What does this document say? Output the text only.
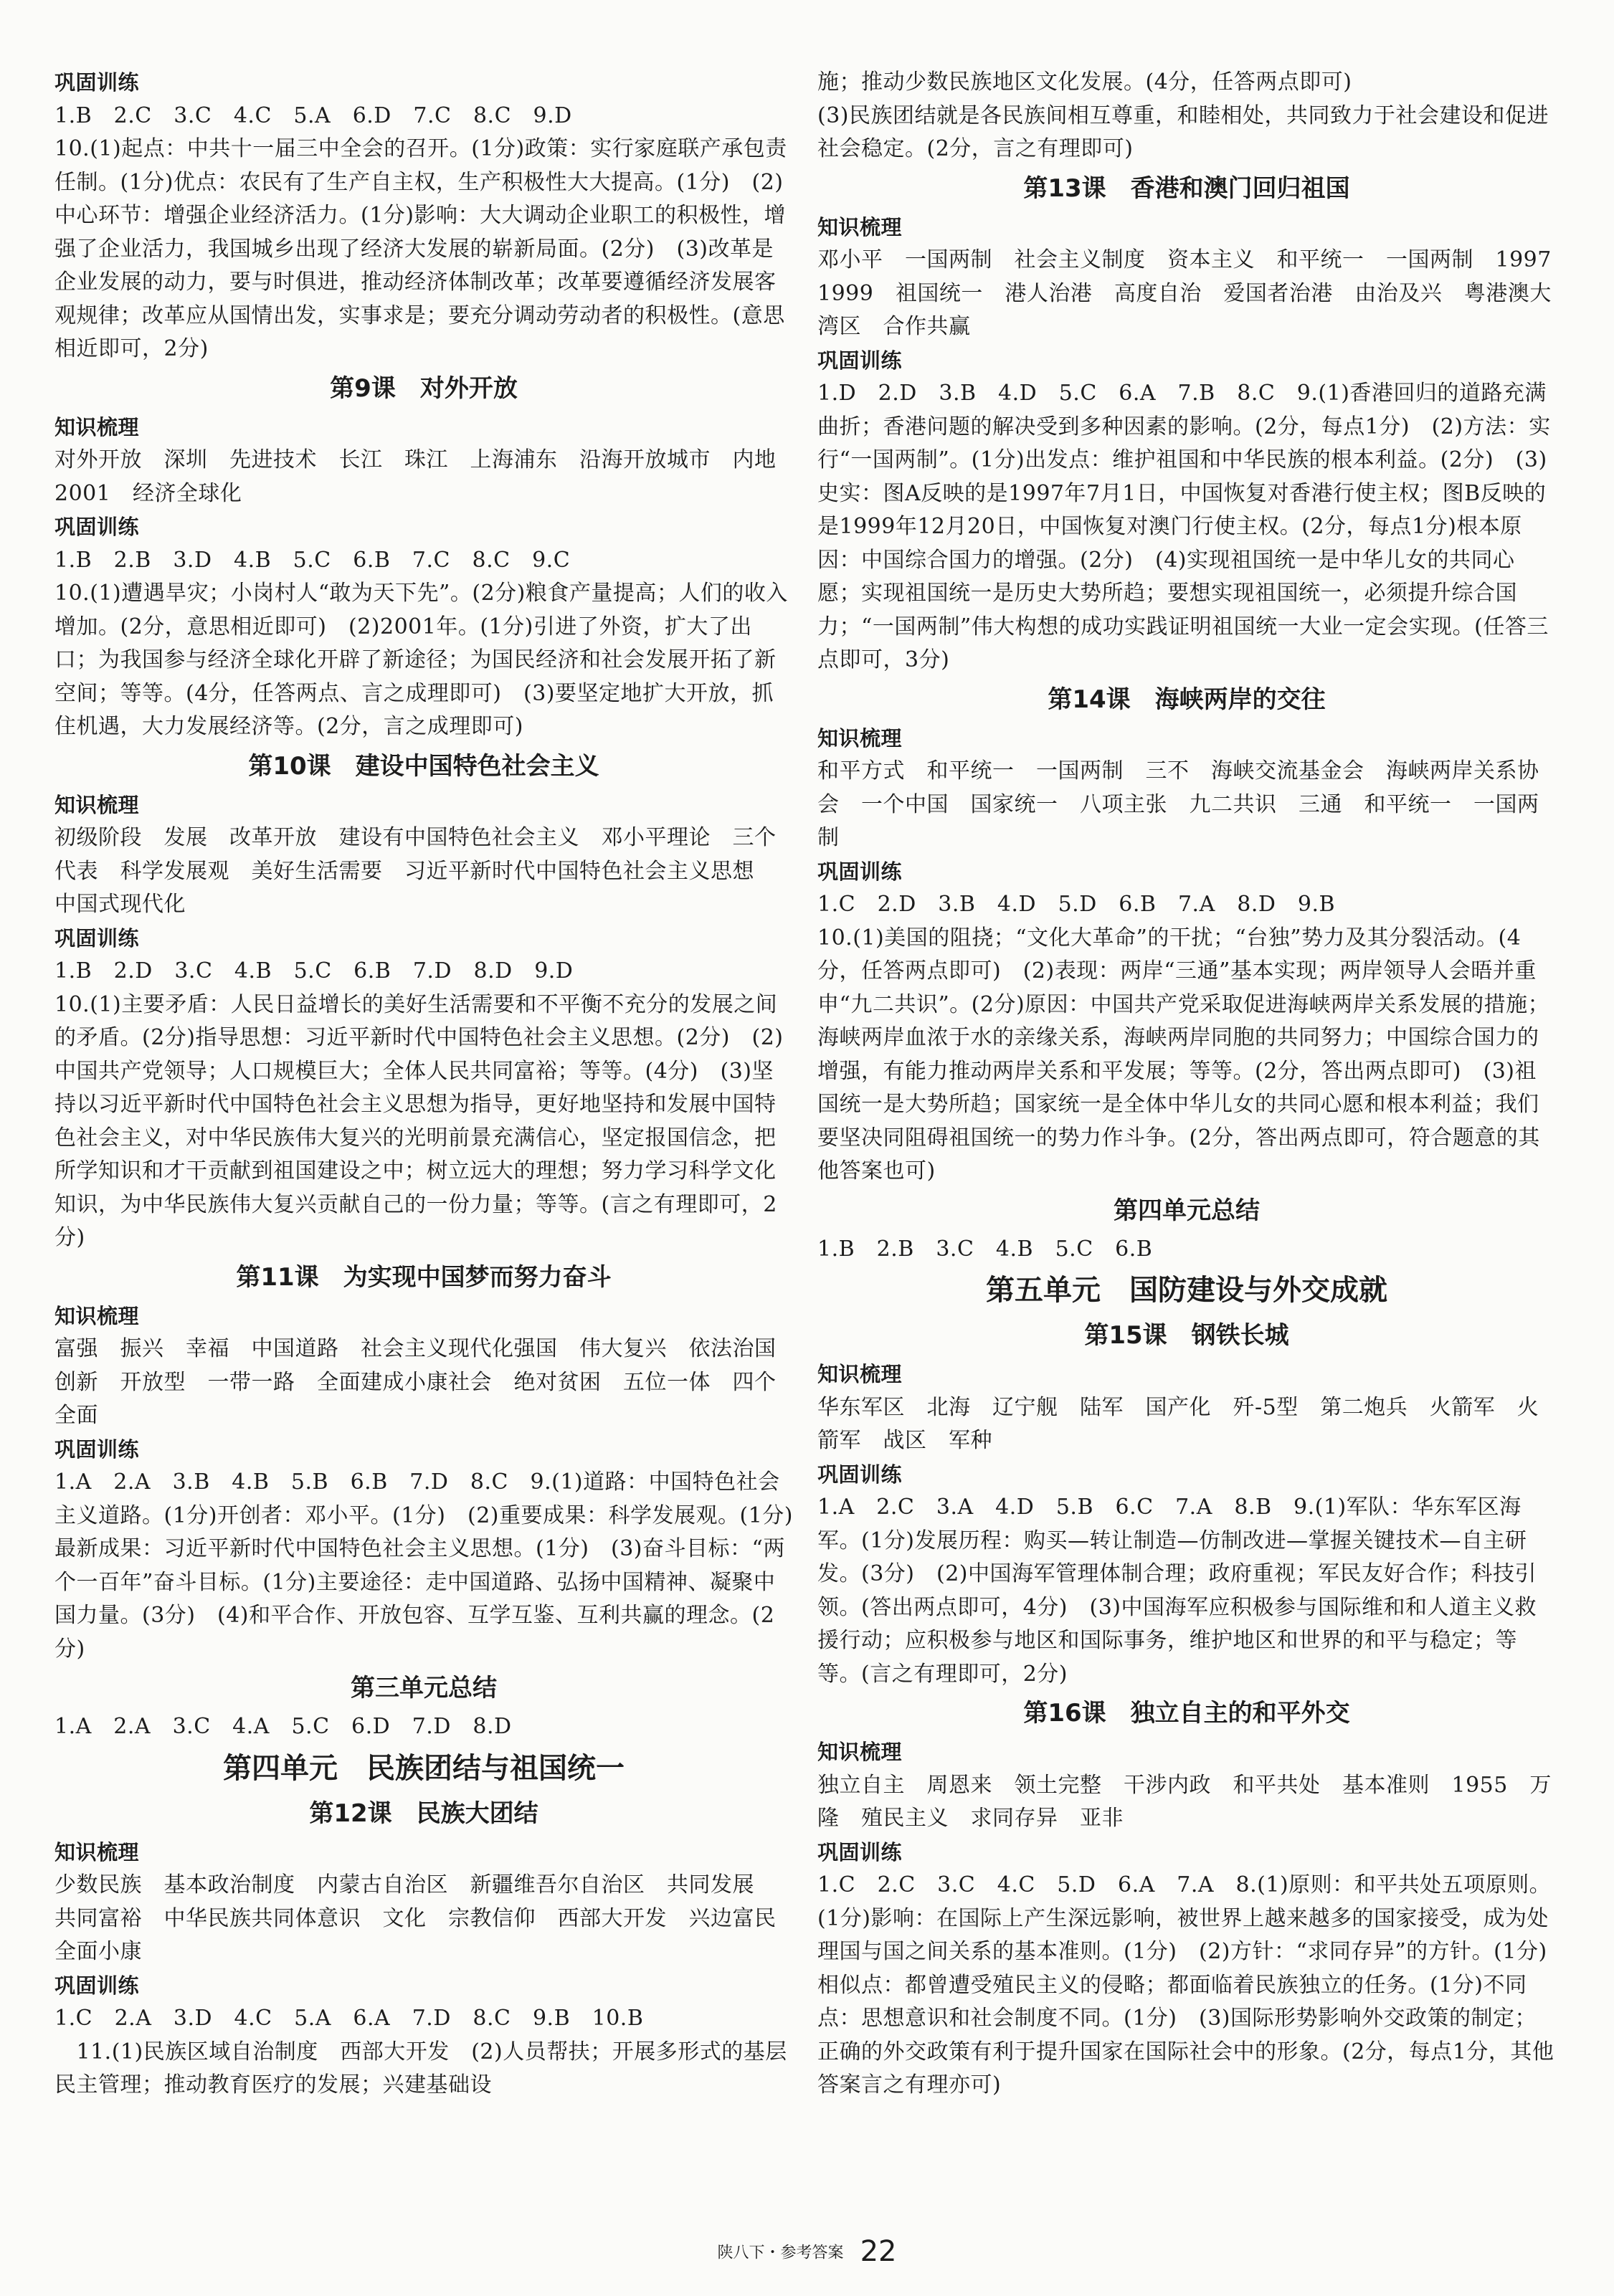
巩固训练

1.B　2.C　3.C　4.C　5.A　6.D　7.C　8.C　9.D

10.(1)起点：中共十一届三中全会的召开。(1分)政策：实行家庭联产承包责任制。(1分)优点：农民有了生产自主权，生产积极性大大提高。(1分)　(2)中心环节：增强企业经济活力。(1分)影响：大大调动企业职工的积极性，增强了企业活力，我国城乡出现了经济大发展的崭新局面。(2分)　(3)改革是企业发展的动力，要与时俱进，推动经济体制改革；改革要遵循经济发展客观规律；改革应从国情出发，实事求是；要充分调动劳动者的积极性。(意思相近即可，2分)

第9课　对外开放
知识梳理

对外开放　深圳　先进技术　长江　珠江　上海浦东　沿海开放城市　内地　2001　经济全球化

巩固训练

1.B　2.B　3.D　4.B　5.C　6.B　7.C　8.C　9.C

10.(1)遭遇旱灾；小岗村人“敢为天下先”。(2分)粮食产量提高；人们的收入增加。(2分，意思相近即可)　(2)2001年。(1分)引进了外资，扩大了出口；为我国参与经济全球化开辟了新途径；为国民经济和社会发展开拓了新空间；等等。(4分，任答两点、言之成理即可)　(3)要坚定地扩大开放，抓住机遇，大力发展经济等。(2分，言之成理即可)

第10课　建设中国特色社会主义
知识梳理

初级阶段　发展　改革开放　建设有中国特色社会主义　邓小平理论　三个代表　科学发展观　美好生活需要　习近平新时代中国特色社会主义思想　中国式现代化

巩固训练

1.B　2.D　3.C　4.B　5.C　6.B　7.D　8.D　9.D

10.(1)主要矛盾：人民日益增长的美好生活需要和不平衡不充分的发展之间的矛盾。(2分)指导思想：习近平新时代中国特色社会主义思想。(2分)　(2)中国共产党领导；人口规模巨大；全体人民共同富裕；等等。(4分)　(3)坚持以习近平新时代中国特色社会主义思想为指导，更好地坚持和发展中国特色社会主义，对中华民族伟大复兴的光明前景充满信心，坚定报国信念，把所学知识和才干贡献到祖国建设之中；树立远大的理想；努力学习科学文化知识，为中华民族伟大复兴贡献自己的一份力量；等等。(言之有理即可，2分)

第11课　为实现中国梦而努力奋斗
知识梳理

富强　振兴　幸福　中国道路　社会主义现代化强国　伟大复兴　依法治国　创新　开放型　一带一路　全面建成小康社会　绝对贫困　五位一体　四个全面

巩固训练

1.A　2.A　3.B　4.B　5.B　6.B　7.D　8.C　9.(1)道路：中国特色社会主义道路。(1分)开创者：邓小平。(1分)　(2)重要成果：科学发展观。(1分)最新成果：习近平新时代中国特色社会主义思想。(1分)　(3)奋斗目标：“两个一百年”奋斗目标。(1分)主要途径：走中国道路、弘扬中国精神、凝聚中国力量。(3分)　(4)和平合作、开放包容、互学互鉴、互利共赢的理念。(2分)

第三单元总结

1.A　2.A　3.C　4.A　5.C　6.D　7.D　8.D

第四单元　民族团结与祖国统一
第12课　民族大团结
知识梳理

少数民族　基本政治制度　内蒙古自治区　新疆维吾尔自治区　共同发展　共同富裕　中华民族共同体意识　文化　宗教信仰　西部大开发　兴边富民　全面小康

巩固训练

1.C　2.A　3.D　4.C　5.A　6.A　7.D　8.C　9.B　10.B

　11.(1)民族区域自治制度　西部大开发　(2)人员帮扶；开展多形式的基层民主管理；推动教育医疗的发展；兴建基础设

施；推动少数民族地区文化发展。(4分，任答两点即可)

(3)民族团结就是各民族间相互尊重，和睦相处，共同致力于社会建设和促进社会稳定。(2分，言之有理即可)

第13课　香港和澳门回归祖国
知识梳理

邓小平　一国两制　社会主义制度　资本主义　和平统一　一国两制　1997　1999　祖国统一　港人治港　高度自治　爱国者治港　由治及兴　粤港澳大湾区　合作共赢

巩固训练

1.D　2.D　3.B　4.D　5.C　6.A　7.B　8.C　9.(1)香港回归的道路充满曲折；香港问题的解决受到多种因素的影响。(2分，每点1分)　(2)方法：实行“一国两制”。(1分)出发点：维护祖国和中华民族的根本利益。(2分)　(3)史实：图A反映的是1997年7月1日，中国恢复对香港行使主权；图B反映的是1999年12月20日，中国恢复对澳门行使主权。(2分，每点1分)根本原因：中国综合国力的增强。(2分)　(4)实现祖国统一是中华儿女的共同心愿；实现祖国统一是历史大势所趋；要想实现祖国统一，必须提升综合国力；“一国两制”伟大构想的成功实践证明祖国统一大业一定会实现。(任答三点即可，3分)

第14课　海峡两岸的交往
知识梳理

和平方式　和平统一　一国两制　三不　海峡交流基金会　海峡两岸关系协会　一个中国　国家统一　八项主张　九二共识　三通　和平统一　一国两制

巩固训练

1.C　2.D　3.B　4.D　5.D　6.B　7.A　8.D　9.B

10.(1)美国的阻挠；“文化大革命”的干扰；“台独”势力及其分裂活动。(4分，任答两点即可)　(2)表现：两岸“三通”基本实现；两岸领导人会晤并重申“九二共识”。(2分)原因：中国共产党采取促进海峡两岸关系发展的措施；海峡两岸血浓于水的亲缘关系，海峡两岸同胞的共同努力；中国综合国力的增强，有能力推动两岸关系和平发展；等等。(2分，答出两点即可)　(3)祖国统一是大势所趋；国家统一是全体中华儿女的共同心愿和根本利益；我们要坚决同阻碍祖国统一的势力作斗争。(2分，答出两点即可，符合题意的其他答案也可)

第四单元总结

1.B　2.B　3.C　4.B　5.C　6.B

第五单元　国防建设与外交成就
第15课　钢铁长城
知识梳理

华东军区　北海　辽宁舰　陆军　国产化　歼-5型　第二炮兵　火箭军　火箭军　战区　军种

巩固训练

1.A　2.C　3.A　4.D　5.B　6.C　7.A　8.B　9.(1)军队：华东军区海军。(1分)发展历程：购买—转让制造—仿制改进—掌握关键技术—自主研发。(3分)　(2)中国海军管理体制合理；政府重视；军民友好合作；科技引领。(答出两点即可，4分)　(3)中国海军应积极参与国际维和和人道主义救援行动；应积极参与地区和国际事务，维护地区和世界的和平与稳定；等等。(言之有理即可，2分)

第16课　独立自主的和平外交
知识梳理

独立自主　周恩来　领土完整　干涉内政　和平共处　基本准则　1955　万隆　殖民主义　求同存异　亚非

巩固训练

1.C　2.C　3.C　4.C　5.D　6.A　7.A　8.(1)原则：和平共处五项原则。(1分)影响：在国际上产生深远影响，被世界上越来越多的国家接受，成为处理国与国之间关系的基本准则。(1分)　(2)方针：“求同存异”的方针。(1分)相似点：都曾遭受殖民主义的侵略；都面临着民族独立的任务。(1分)不同点：思想意识和社会制度不同。(1分)　(3)国际形势影响外交政策的制定；正确的外交政策有利于提升国家在国际社会中的形象。(2分，每点1分，其他答案言之有理亦可)

陕八下・参考答案 22
